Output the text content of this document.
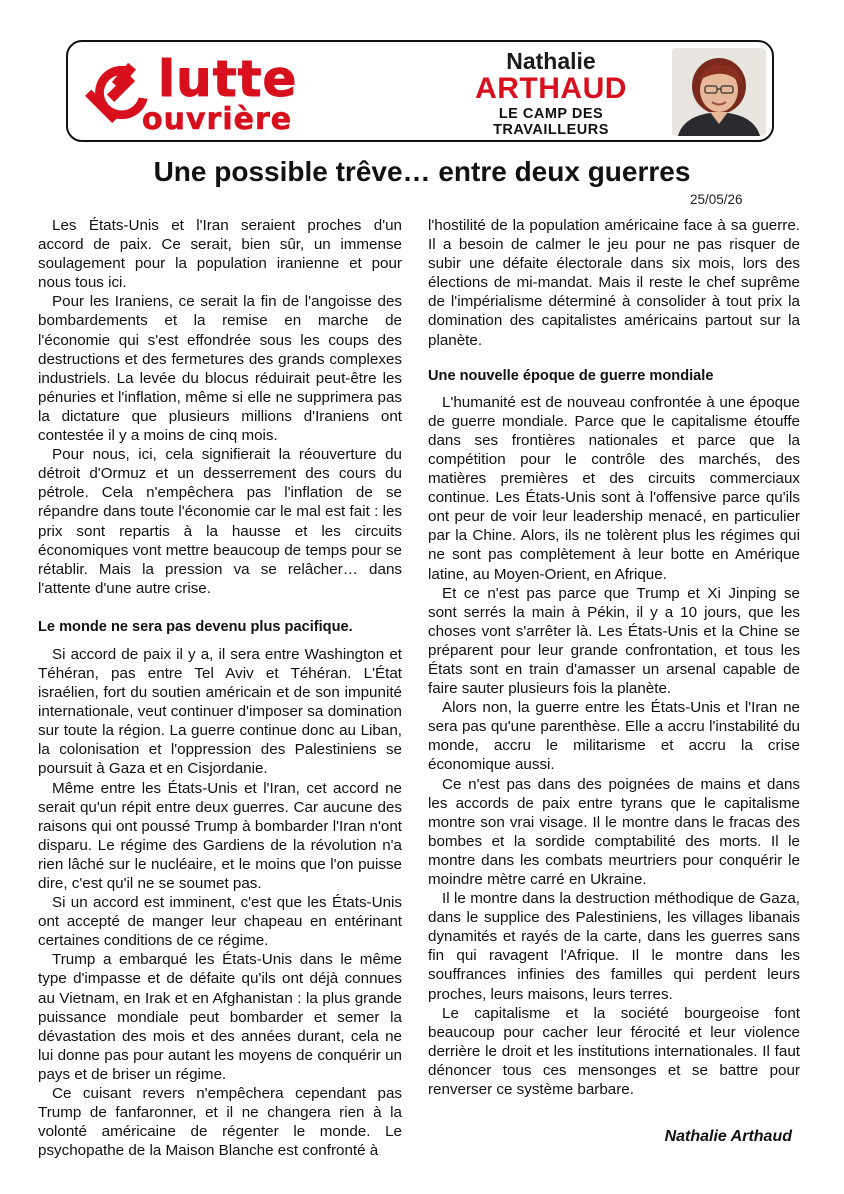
lutte
ouvrière
Nathalie
ARTHAUD
LE CAMP DES
TRAVAILLEURS
Une possible trêve… entre deux guerres
25/05/26

Les États-Unis et l'Iran seraient proches d'un accord de paix. Ce serait, bien sûr, un immense soulagement pour la population iranienne et pour nous tous ici.

Pour les Iraniens, ce serait la fin de l'angoisse des bombardements et la remise en marche de l'économie qui s'est effondrée sous les coups des destructions et des fermetures des grands complexes industriels. La levée du blocus réduirait peut-être les pénuries et l'inflation, même si elle ne supprimera pas la dictature que plusieurs millions d'Iraniens ont contestée il y a moins de cinq mois.

Pour nous, ici, cela signifierait la réouverture du détroit d'Ormuz et un desserrement des cours du pétrole. Cela n'empêchera pas l'inflation de se répandre dans toute l'économie car le mal est fait : les prix sont repartis à la hausse et les circuits économiques vont mettre beaucoup de temps pour se rétablir. Mais la pression va se relâcher… dans l'attente d'une autre crise.

Le monde ne sera pas devenu plus pacifique.

Si accord de paix il y a, il sera entre Washington et Téhéran, pas entre Tel Aviv et Téhéran. L'État israélien, fort du soutien américain et de son impunité internationale, veut continuer d'imposer sa domination sur toute la région. La guerre continue donc au Liban, la colonisation et l'oppression des Palestiniens se poursuit à Gaza et en Cisjordanie.

Même entre les États-Unis et l'Iran, cet accord ne serait qu'un répit entre deux guerres. Car aucune des raisons qui ont poussé Trump à bombarder l'Iran n'ont disparu. Le régime des Gardiens de la révolution n'a rien lâché sur le nucléaire, et le moins que l'on puisse dire, c'est qu'il ne se soumet pas.

Si un accord est imminent, c'est que les États-Unis ont accepté de manger leur chapeau en entérinant certaines conditions de ce régime.

Trump a embarqué les États-Unis dans le même type d'impasse et de défaite qu'ils ont déjà connues au Vietnam, en Irak et en Afghanistan : la plus grande puissance mondiale peut bombarder et semer la dévastation des mois et des années durant, cela ne lui donne pas pour autant les moyens de conquérir un pays et de briser un régime.

Ce cuisant revers n'empêchera cependant pas Trump de fanfaronner, et il ne changera rien à la volonté américaine de régenter le monde. Le psychopathe de la Maison Blanche est confronté à

l'hostilité de la population américaine face à sa guerre. Il a besoin de calmer le jeu pour ne pas risquer de subir une défaite électorale dans six mois, lors des élections de mi-mandat. Mais il reste le chef suprême de l'impérialisme déterminé à consolider à tout prix la domination des capitalistes américains partout sur la planète.

Une nouvelle époque de guerre mondiale

L'humanité est de nouveau confrontée à une époque de guerre mondiale. Parce que le capitalisme étouffe dans ses frontières nationales et parce que la compétition pour le contrôle des marchés, des matières premières et des circuits commerciaux continue. Les États-Unis sont à l'offensive parce qu'ils ont peur de voir leur leadership menacé, en particulier par la Chine. Alors, ils ne tolèrent plus les régimes qui ne sont pas complètement à leur botte en Amérique latine, au Moyen-Orient, en Afrique.

Et ce n'est pas parce que Trump et Xi Jinping se sont serrés la main à Pékin, il y a 10 jours, que les choses vont s'arrêter là. Les États-Unis et la Chine se préparent pour leur grande confrontation, et tous les États sont en train d'amasser un arsenal capable de faire sauter plusieurs fois la planète.

Alors non, la guerre entre les États-Unis et l'Iran ne sera pas qu'une parenthèse. Elle a accru l'instabilité du monde, accru le militarisme et accru la crise économique aussi.

Ce n'est pas dans des poignées de mains et dans les accords de paix entre tyrans que le capitalisme montre son vrai visage. Il le montre dans le fracas des bombes et la sordide comptabilité des morts. Il le montre dans les combats meurtriers pour conquérir le moindre mètre carré en Ukraine.

Il le montre dans la destruction méthodique de Gaza, dans le supplice des Palestiniens, les villages libanais dynamités et rayés de la carte, dans les guerres sans fin qui ravagent l'Afrique. Il le montre dans les souffrances infinies des familles qui perdent leurs proches, leurs maisons, leurs terres.

Le capitalisme et la société bourgeoise font beaucoup pour cacher leur férocité et leur violence derrière le droit et les institutions internationales. Il faut dénoncer tous ces mensonges et se battre pour renverser ce système barbare.

Nathalie Arthaud
